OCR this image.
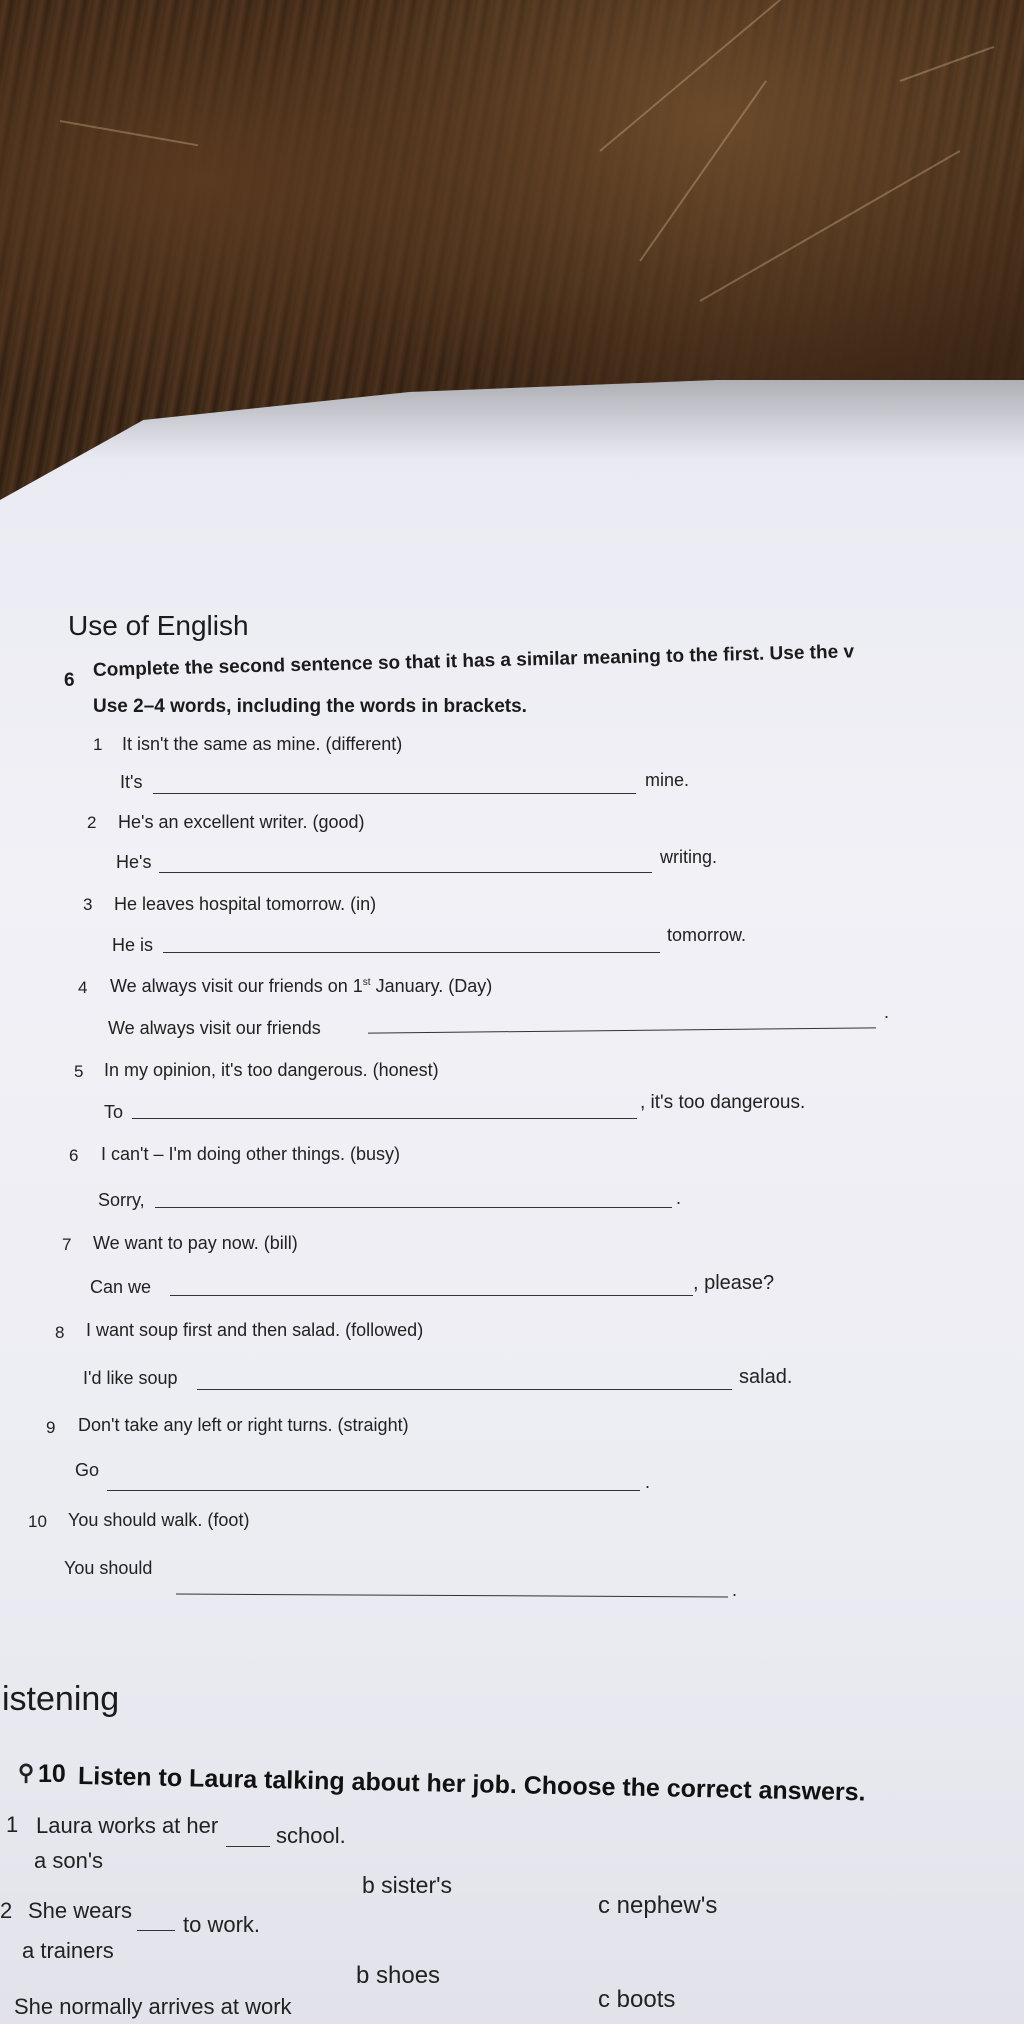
Use of English
6 Complete the second sentence so that it has a similar meaning to the first. Use the v
Use 2–4 words, including the words in brackets.
1 It isn't the same as mine. (different)
It's	mine.
2 He's an excellent writer. (good)
He's	writing.
3 He leaves hospital tomorrow. (in)
He is	tomorrow.
4 We always visit our friends on 1st January. (Day)
We always visit our friends
.
5 In my opinion, it's too dangerous. (honest)
To	, it's too dangerous.
6 I can't – I'm doing other things. (busy)
Sorry,	.
7 We want to pay now. (bill)
Can we	, please?
8 I want soup first and then salad. (followed)
I'd like soup	salad.
9 Don't take any left or right turns. (straight)
Go
.
10 You should walk. (foot)
You should
.
istening
⚲ 10 Listen to Laura talking about her job. Choose the correct answers.
1 Laura works at her	school.
a son's
b sister's
c nephew's
2 She wears
to work.
a trainers
b shoes
c boots
She normally arrives at work
